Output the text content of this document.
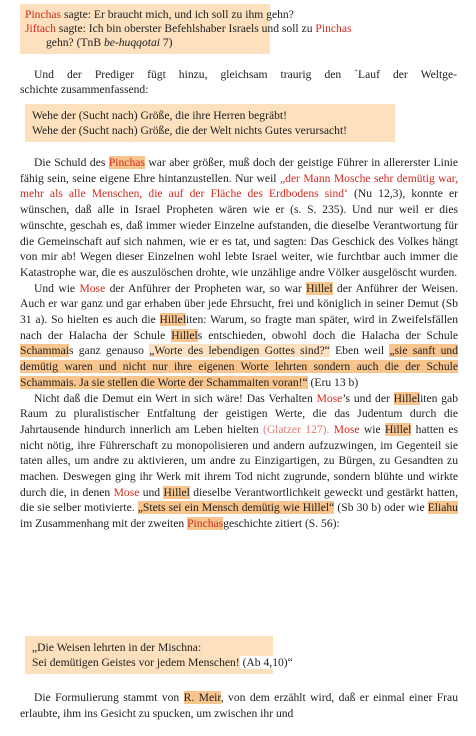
Pinchas sagte: Er braucht mich, und ich soll zu ihm gehn?
Jiftach sagte: Ich bin oberster Befehlshaber Israels und soll zu Pinchas
gehn? (TnB be-huqqotai 7)
Und der Prediger fügt hinzu, gleichsam traurig den `Lauf der Weltge-
schichte zusammenfassend:
Wehe der (Sucht nach) Größe, die ihre Herren begräbt!
Wehe der (Sucht nach) Größe, die der Welt nichts Gutes verursacht!

Die Schuld des Pinchas war aber größer, muß doch der geistige Führer in allererster Linie fähig sein, seine eigene Ehre hintanzustellen. Nur weil „der Mann Mosche sehr demütig war, mehr als alle Menschen, die auf der Fläche des Erdbodens sind‘ (Nu 12,3), konnte er wünschen, daß alle in Israel Propheten wären wie er (s. S. 235). Und nur weil er dies wünschte, geschah es, daß immer wieder Einzelne aufstanden, die dieselbe Verantwortung für die Gemeinschaft auf sich nahmen, wie er es tat, und sagten: Das Geschick des Volkes hängt von mir ab! Wegen dieser Einzelnen wohl lebte Israel weiter, wie furchtbar auch immer die Katastrophe war, die es auszulöschen drohte, wie unzählige andre Völker ausgelöscht wurden.

Und wie Mose der Anführer der Propheten war, so war Hillel der Anführer der Weisen. Auch er war ganz und gar erhaben über jede Ehrsucht, frei und königlich in seiner Demut (Sb 31 a). So hielten es auch die Hilleliten: Warum, so fragte man später, wird in Zweifelsfällen nach der Halacha der Schule Hillels entschieden, obwohl doch die Halacha der Schule Schammais ganz genauso „Worte des lebendigen Gottes sind?“ Eben weil „sie sanft und demütig waren und nicht nur ihre eigenen Worte lehrten sondern auch die der Schule Schammais. Ja sie stellen die Worte der Schammaiten voran!“ (Eru 13 b)

Nicht daß die Demut ein Wert in sich wäre! Das Verhalten Mose’s und der Hilleliten gab Raum zu pluralistischer Entfaltung der geistigen Werte, die das Judentum durch die Jahrtausende hindurch innerlich am Leben hielten (Glatzer 127). Mose wie Hillel hatten es nicht nötig, ihre Führerschaft zu monopolisieren und andern aufzuzwingen, im Gegenteil sie taten alles, um andre zu aktivieren, um andre zu Einzigartigen, zu Bürgen, zu Gesandten zu machen. Deswegen ging ihr Werk mit ihrem Tod nicht zugrunde, sondern blühte und wirkte durch die, in denen Mose und Hillel dieselbe Verantwortlichkeit geweckt und gestärkt hatten, die sie selber motivierte. „Stets sei ein Mensch demütig wie Hillel“ (Sb 30 b) oder wie Eliahu im Zusammenhang mit der zweiten Pinchasgeschichte zitiert (S. 56):

„Die Weisen lehrten in der Mischna:
Sei demütigen Geistes vor jedem Menschen! (Ab 4,10)“
Die Formulierung stammt von R. Meir, von dem erzählt wird, daß er einmal einer Frau erlaubte, ihm ins Gesicht zu spucken, um zwischen ihr und
